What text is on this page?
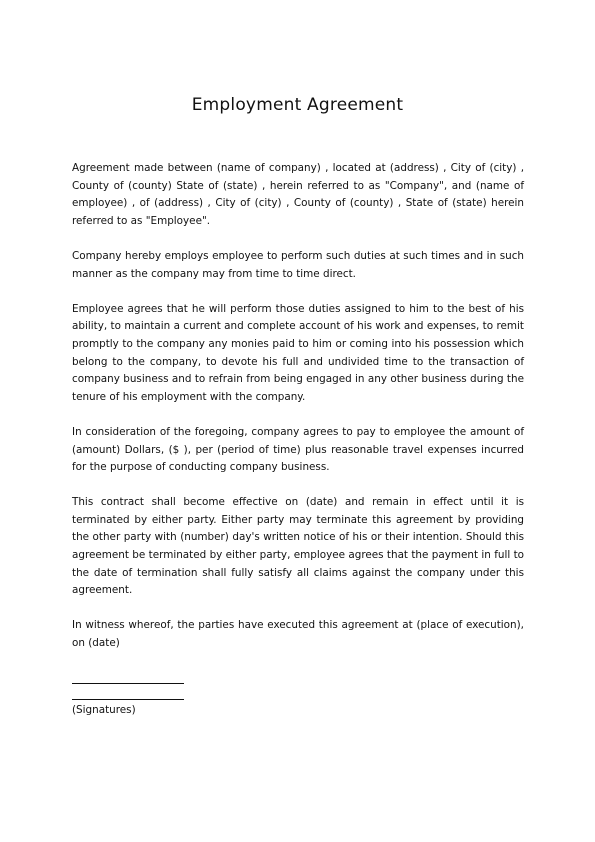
Employment Agreement

Agreement made between (name of company) , located at (address) , City of (city) , County of (county) State of (state) , herein referred to as "Company", and (name of employee) , of (address) , City of (city) , County of (county) , State of (state) herein referred to as "Employee".

Company hereby employs employee to perform such duties at such times and in such manner as the company may from time to time direct.

Employee agrees that he will perform those duties assigned to him to the best of his ability, to maintain a current and complete account of his work and expenses, to remit promptly to the company any monies paid to him or coming into his possession which belong to the company, to devote his full and undivided time to the transaction of company business and to refrain from being engaged in any other business during the tenure of his employment with the company.

In consideration of the foregoing, company agrees to pay to employee the amount of (amount) Dollars, ($ ), per (period of time) plus reasonable travel expenses incurred for the purpose of conducting company business.

This contract shall become effective on (date) and remain in effect until it is terminated by either party. Either party may terminate this agreement by providing the other party with (number) day's written notice of his or their intention. Should this agreement be terminated by either party, employee agrees that the payment in full to the date of termination shall fully satisfy all claims against the company under this agreement.

In witness whereof, the parties have executed this agreement at (place of execution), on (date)

(Signatures)
